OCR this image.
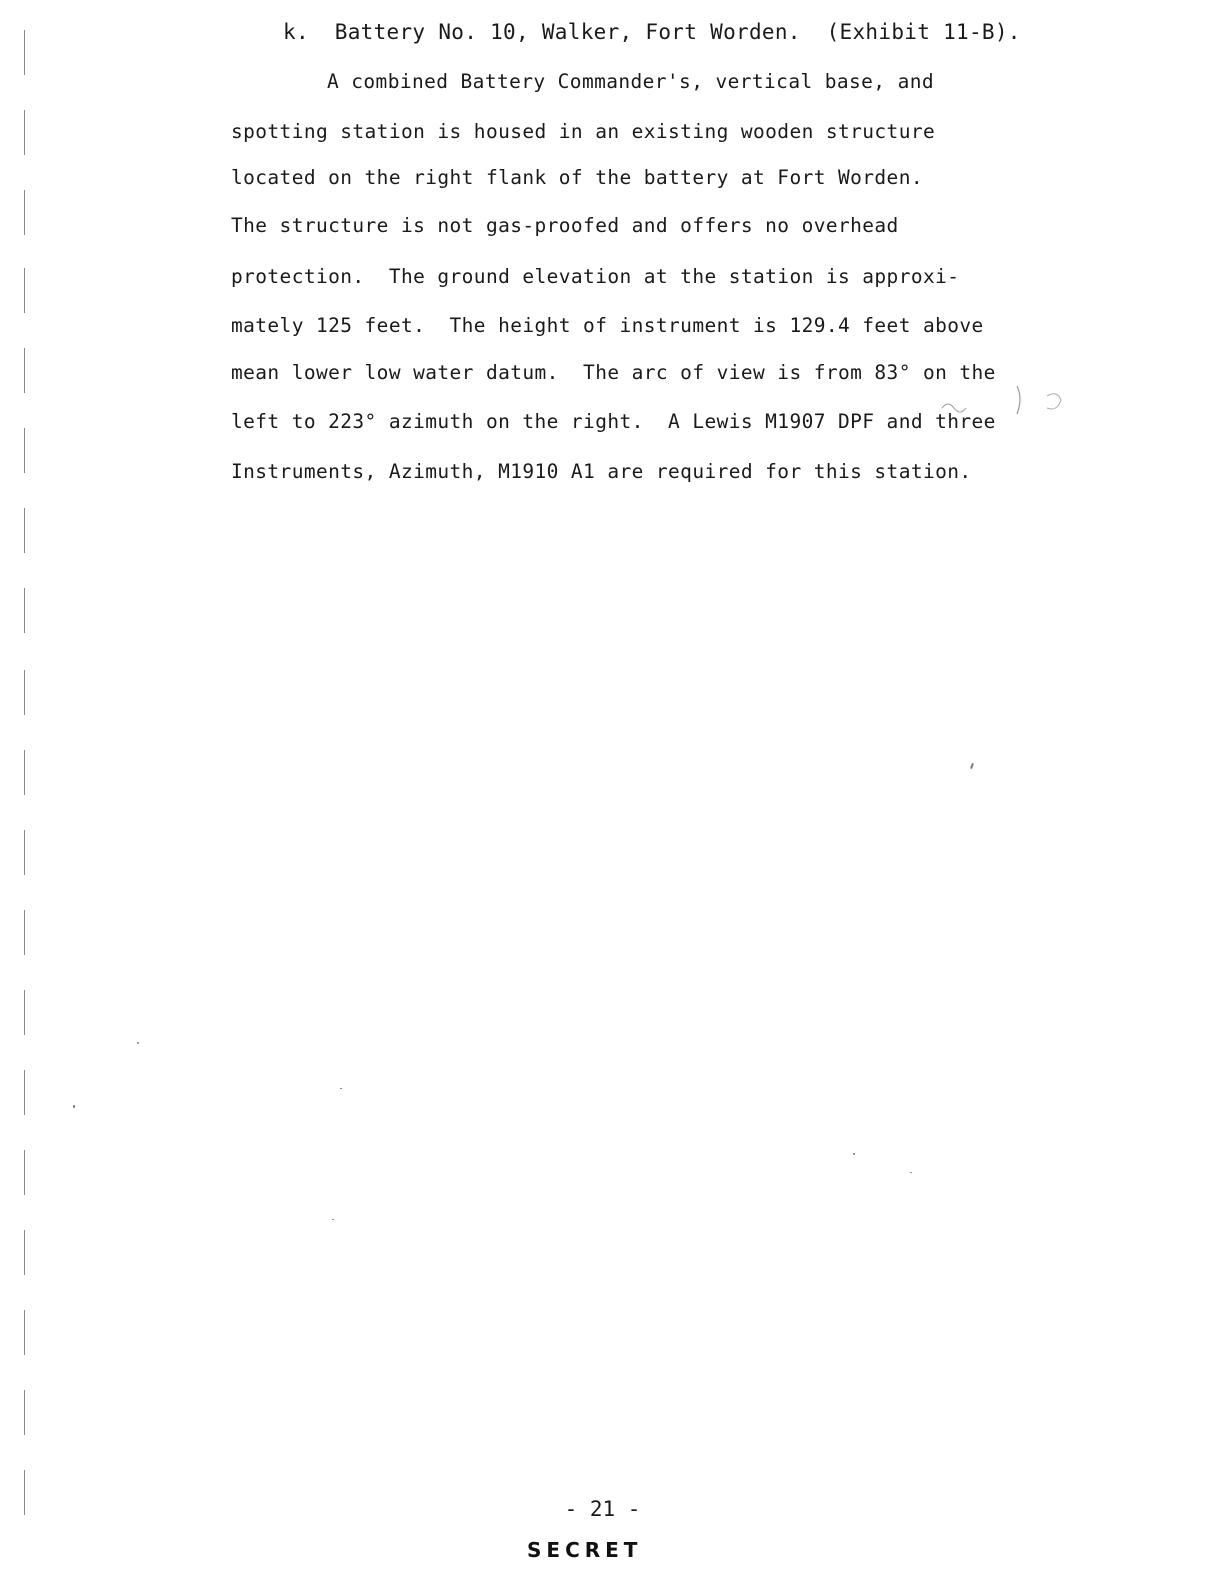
k.  Battery No. 10, Walker, Fort Worden.  (Exhibit 11-B).
A combined Battery Commander's, vertical base, and
spotting station is housed in an existing wooden structure
located on the right flank of the battery at Fort Worden.
The structure is not gas-proofed and offers no overhead
protection.  The ground elevation at the station is approxi-
mately 125 feet.  The height of instrument is 129.4 feet above
mean lower low water datum.  The arc of view is from 83° on the
left to 223° azimuth on the right.  A Lewis M1907 DPF and three
Instruments, Azimuth, M1910 A1 are required for this station.
- 21 -
SECRET
